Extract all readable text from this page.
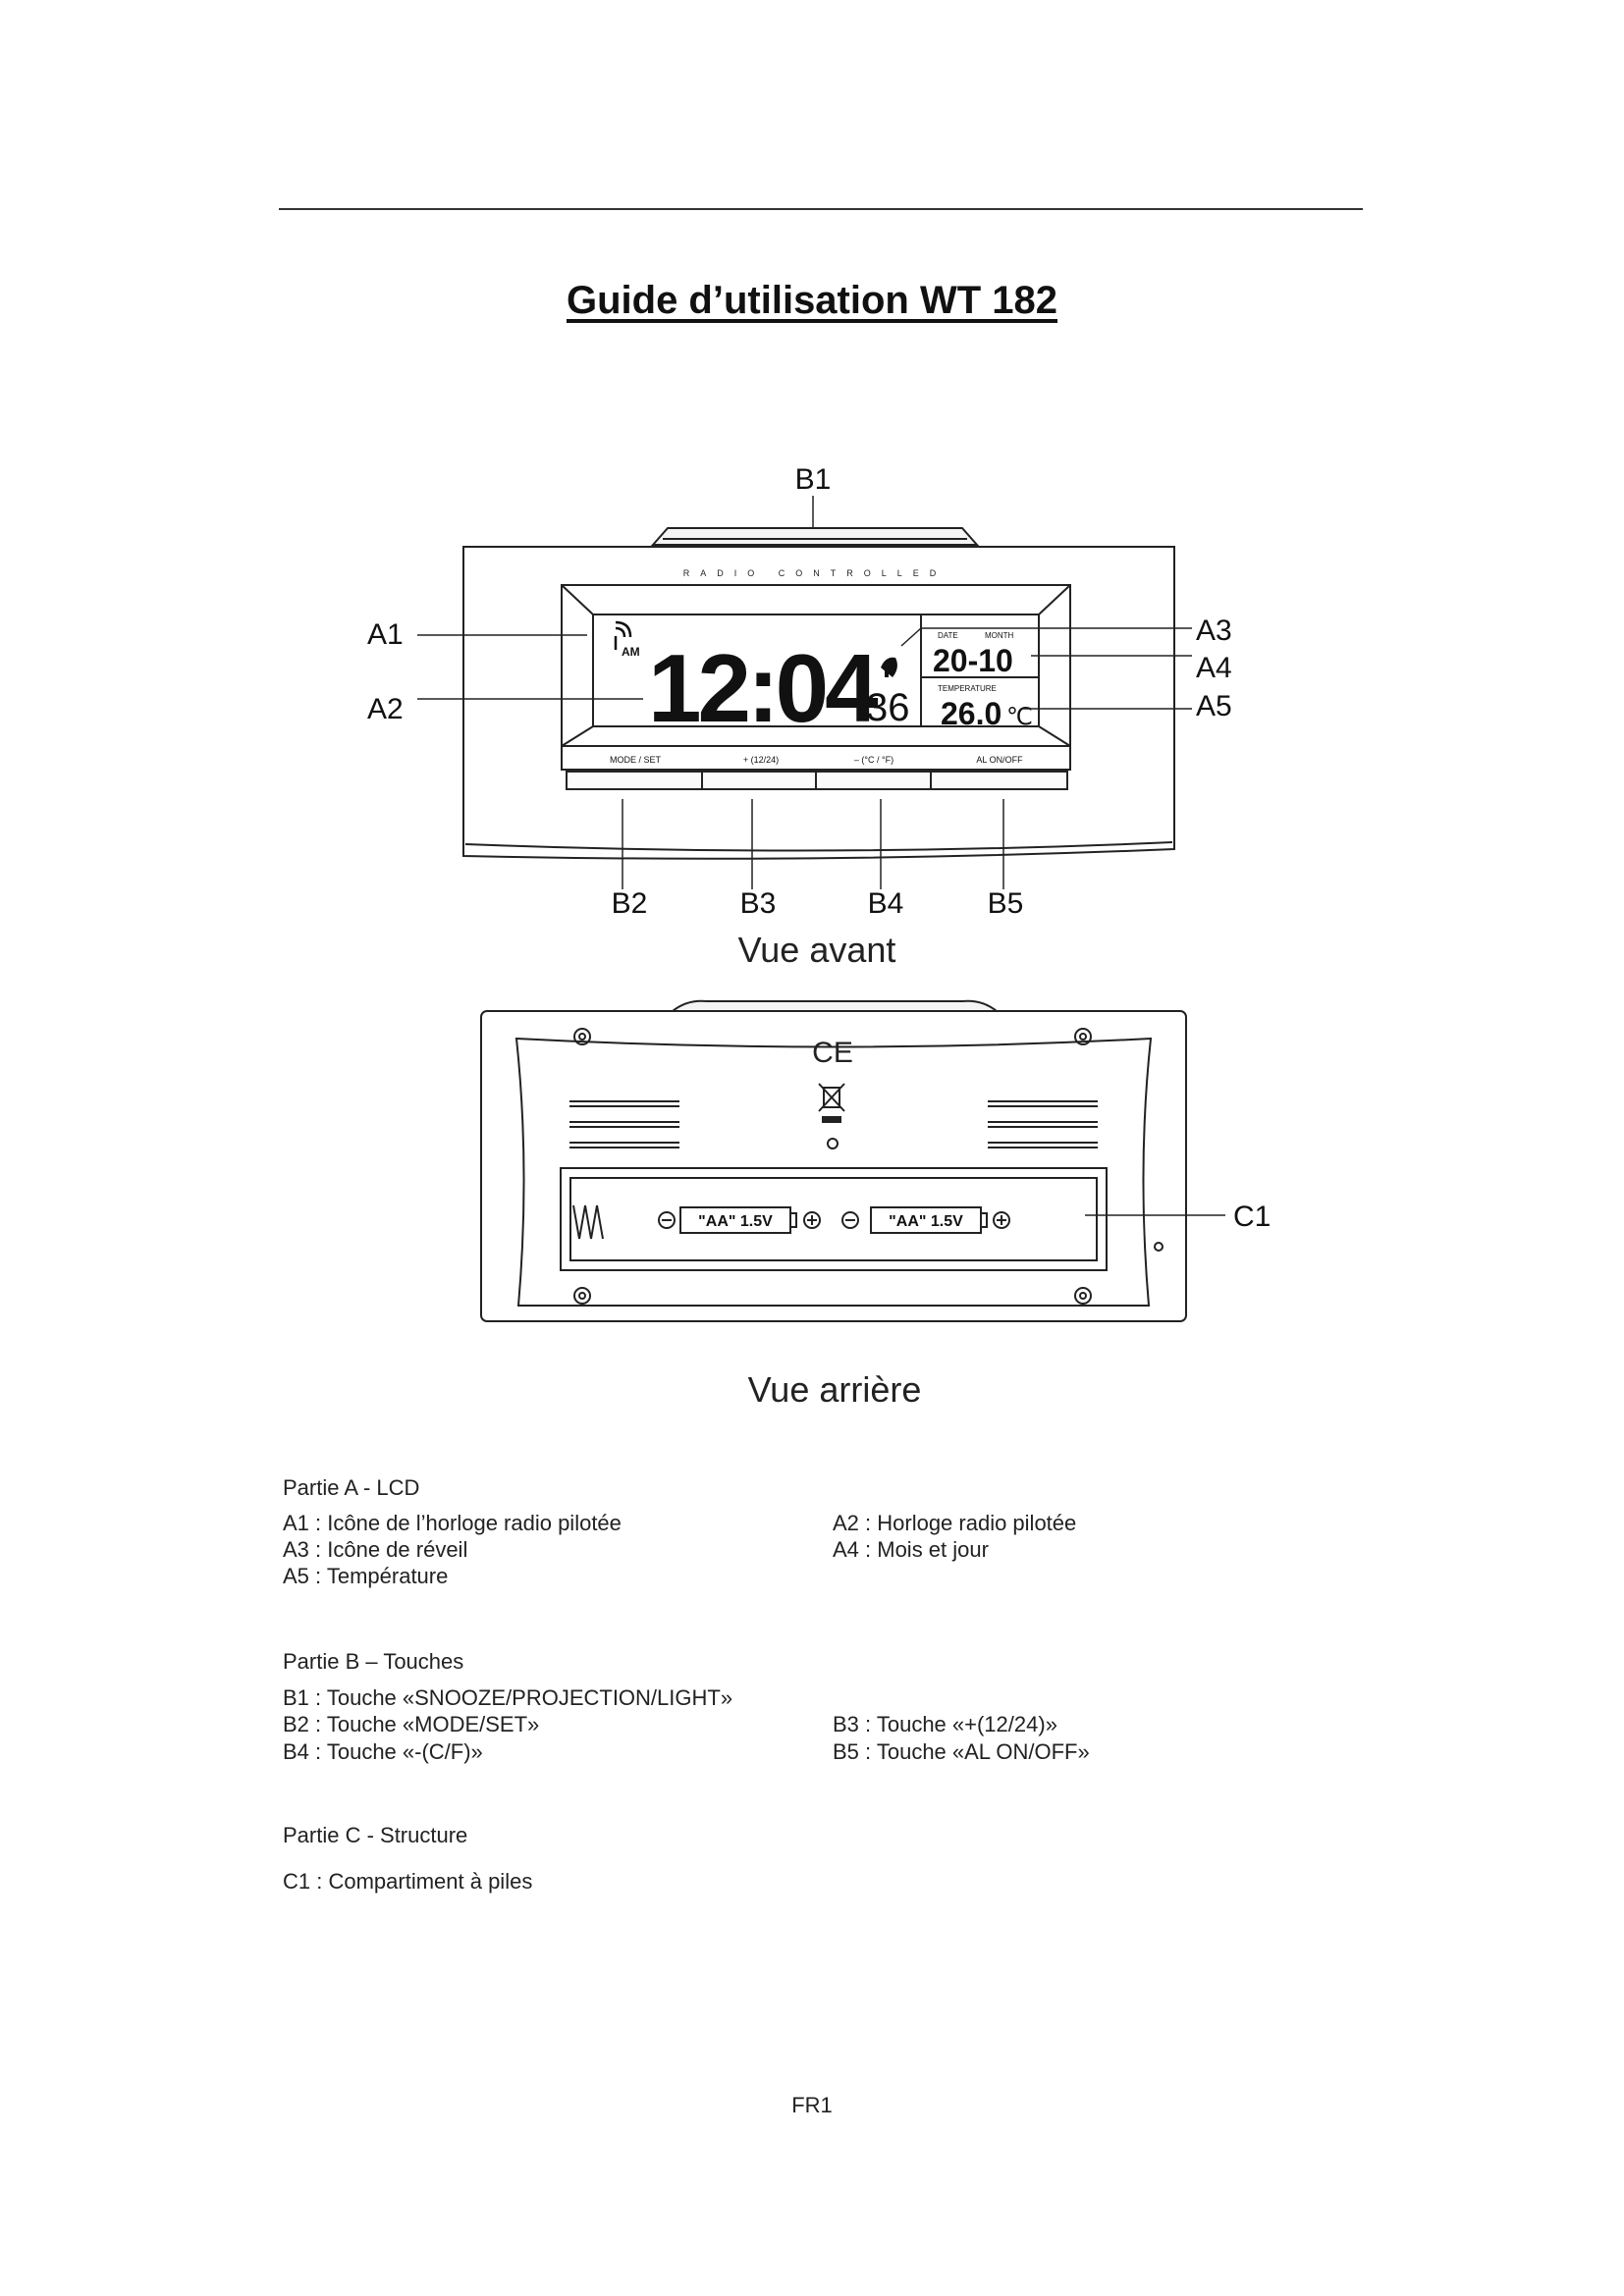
Guide d’utilisation WT 182
RADIO CONTROLLED
AM 12:04
36
DATE	MONTH
20-10
TEMPERATURE
26.0 ℃
MODE / SET	+ (12/24)	– (°C / °F)	AL ON/OFF
B1
A1
A2
A3
A4
A5
B2	B3	B4	B5
Vue avant
CE
"AA" 1.5V	"AA" 1.5V	C1
Vue arrière
Partie A - LCD
A1 : Icône de l’horloge radio pilotée	A2 : Horloge radio pilotée
A3 : Icône de réveil	A4 : Mois et jour
A5 : Température
Partie B – Touches
B1 : Touche «SNOOZE/PROJECTION/LIGHT»
B2 : Touche «MODE/SET»	B3 : Touche «+(12/24)»
B4 : Touche «-(C/F)»	B5 : Touche «AL ON/OFF»
Partie C - Structure
C1 : Compartiment à piles
FR1
